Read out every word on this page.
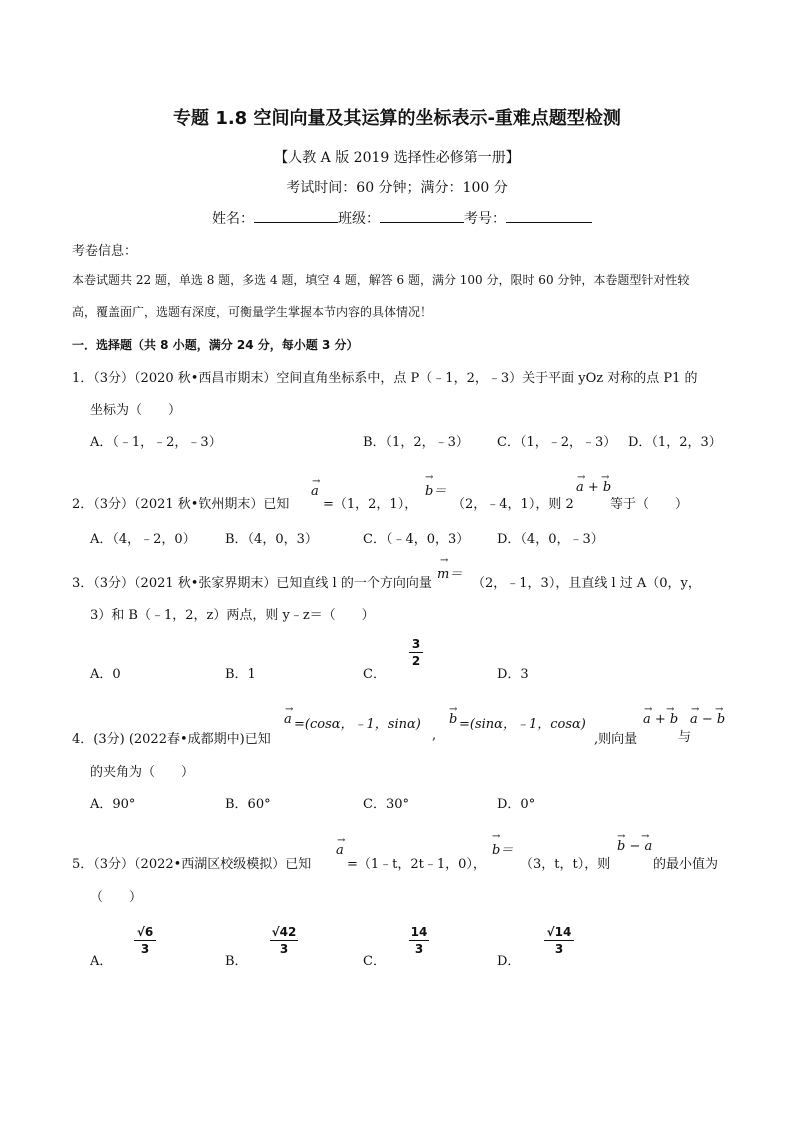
专题 1.8 空间向量及其运算的坐标表示-重难点题型检测
【人教 A 版 2019 选择性必修第一册】
考试时间：60 分钟；满分：100 分
姓名：	班级：	考号：
考卷信息：
本卷试题共 22 题，单选 8 题，多选 4 题，填空 4 题，解答 6 题，满分 100 分，限时 60 分钟，本卷题型针对性较
高，覆盖面广，选题有深度，可衡量学生掌握本节内容的具体情况！
一．选择题（共 8 小题，满分 24 分，每小题 3 分）
1．（3分）（2020 秋•西昌市期末）空间直角坐标系中，点 P（﹣1，2，﹣3）关于平面 yOz 对称的点 P1 的
坐标为（　　）
A．（﹣1，﹣2，﹣3）	B．（1，2，﹣3） C．（1，﹣2，﹣3） D．（1，2，3）
2．（3分）（2021 秋•钦州期末）已知
→
a
=（1，2，1），
→
b＝
（2，﹣4，1），则 2
→ →
a + b
等于（　　）
A．（4，﹣2，0） B．（4，0，3）	C．（﹣4，0，3） D．（4，0，﹣3）
3．（3分）（2021 秋•张家界期末）已知直线 l 的一个方向向量
→
m＝
（2，﹣1，3），且直线 l 过 A（0，y，
3）和 B（﹣1，2，z）两点，则 y﹣z＝（　　）
A．0	B．1	C．
$\frac{3}{2}$
D．3
4．(3分) (2022春•成都期中)已知
→
a =(cosα，﹣1，sinα)
,
→
b =(sinα，﹣1，cosα)
,则向量
→ →
a + b
与
→ →
a − b
的夹角为（　　）
A．90°	B．60°	C．30°	D．0°
5．（3分）（2022•西湖区校级模拟）已知
→
a
=（1﹣t，2t﹣1，0），
→
b＝
（3，t，t），则
→ →
b − a
的最小值为
（　　）
A．
$\frac{√6}{3}$
B．
$\frac{√42}{3}$
C．
$\frac{14}{3}$
D．
$\frac{√14}{3}$
